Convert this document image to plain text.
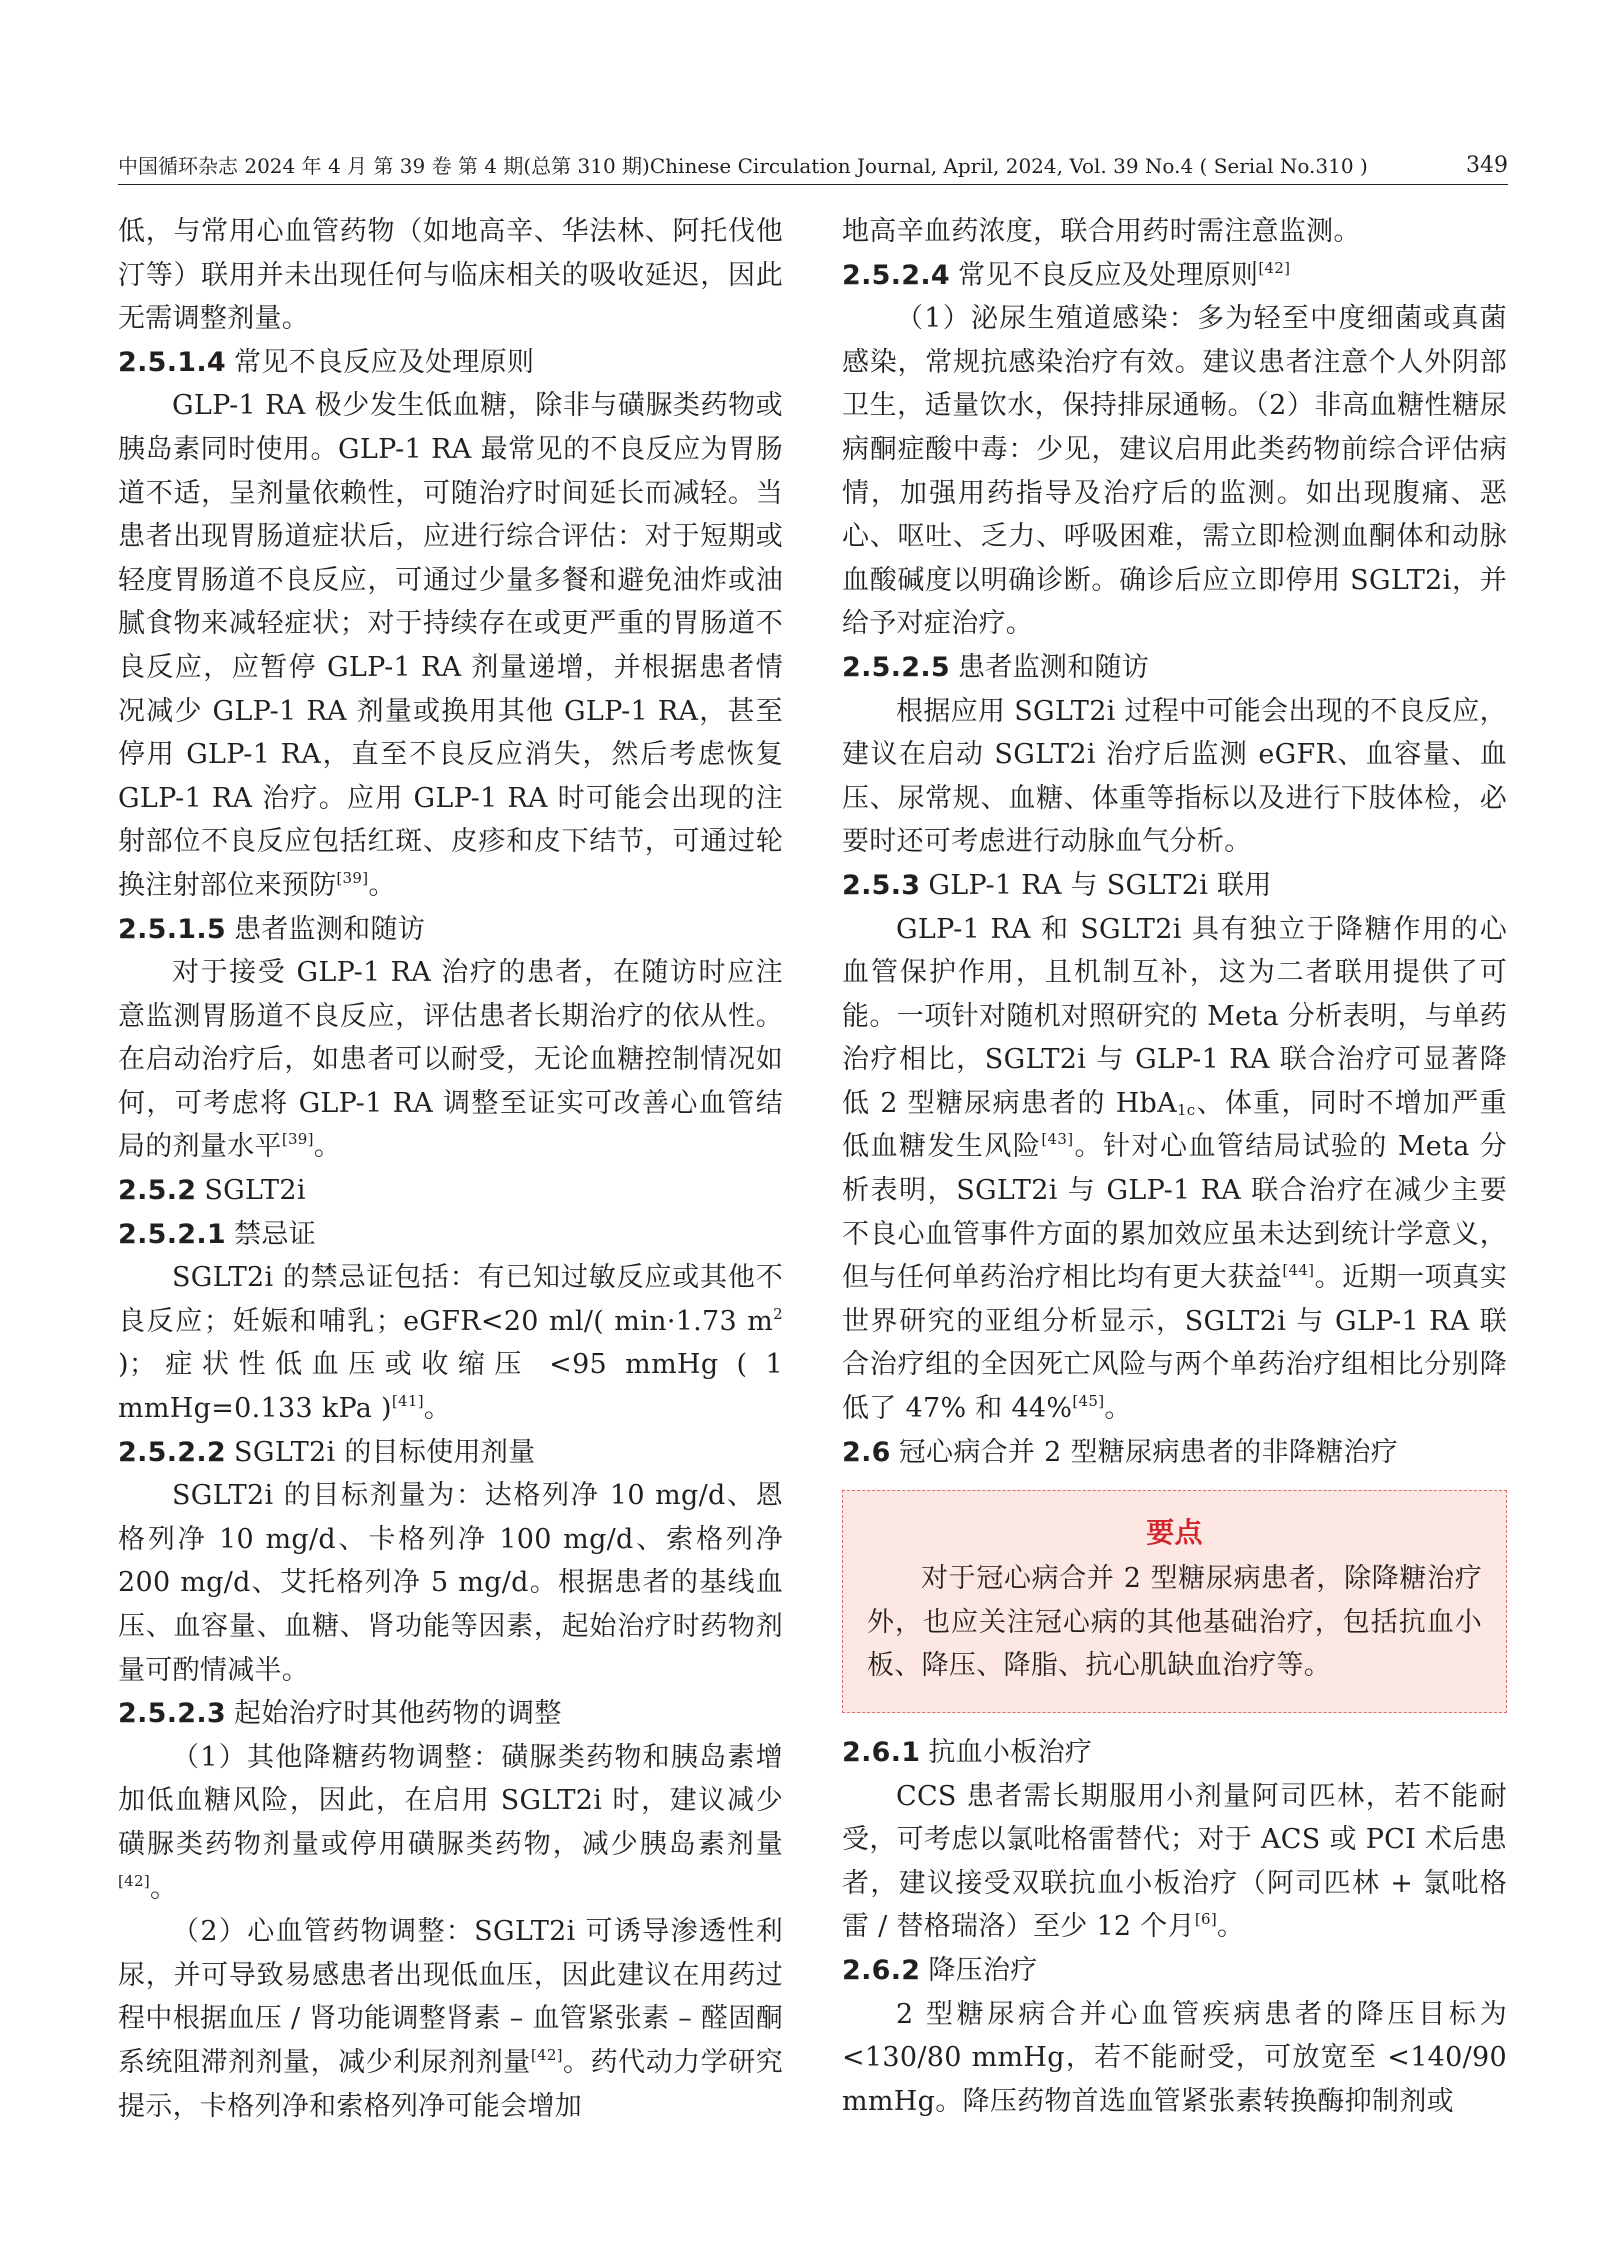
中国循环杂志 2024 年 4 月 第 39 卷 第 4 期(总第 310 期)Chinese Circulation Journal, April, 2024, Vol. 39 No.4 ( Serial No.310 )	349

低，与常用心血管药物（如地高辛、华法林、阿托伐他汀等）联用并未出现任何与临床相关的吸收延迟，因此无需调整剂量。

2.5.1.4 常见不良反应及处理原则

GLP-1 RA 极少发生低血糖，除非与磺脲类药物或胰岛素同时使用。GLP-1 RA 最常见的不良反应为胃肠道不适，呈剂量依赖性，可随治疗时间延长而减轻。当患者出现胃肠道症状后，应进行综合评估：对于短期或轻度胃肠道不良反应，可通过少量多餐和避免油炸或油腻食物来减轻症状；对于持续存在或更严重的胃肠道不良反应，应暂停 GLP-1 RA 剂量递增，并根据患者情况减少 GLP-1 RA 剂量或换用其他 GLP-1 RA，甚至停用 GLP-1 RA，直至不良反应消失，然后考虑恢复 GLP-1 RA 治疗。应用 GLP-1 RA 时可能会出现的注射部位不良反应包括红斑、皮疹和皮下结节，可通过轮换注射部位来预防[39]。

2.5.1.5 患者监测和随访

对于接受 GLP-1 RA 治疗的患者，在随访时应注意监测胃肠道不良反应，评估患者长期治疗的依从性。在启动治疗后，如患者可以耐受，无论血糖控制情况如何，可考虑将 GLP-1 RA 调整至证实可改善心血管结局的剂量水平[39]。

2.5.2 SGLT2i
2.5.2.1 禁忌证

SGLT2i 的禁忌证包括：有已知过敏反应或其他不良反应；妊娠和哺乳；eGFR<20 ml/( min·1.73 $m^2$ )；症状性低血压或收缩压 <95 mmHg ( 1 mmHg=0.133 kPa )[41]。

2.5.2.2 SGLT2i 的目标使用剂量

SGLT2i 的目标剂量为：达格列净 10 mg/d、恩格列净 10 mg/d、卡格列净 100 mg/d、索格列净 200 mg/d、艾托格列净 5 mg/d。根据患者的基线血压、血容量、血糖、肾功能等因素，起始治疗时药物剂量可酌情减半。

2.5.2.3 起始治疗时其他药物的调整

（1）其他降糖药物调整：磺脲类药物和胰岛素增加低血糖风险，因此，在启用 SGLT2i 时，建议减少磺脲类药物剂量或停用磺脲类药物，减少胰岛素剂量[42]。

（2）心血管药物调整：SGLT2i 可诱导渗透性利尿，并可导致易感患者出现低血压，因此建议在用药过程中根据血压 / 肾功能调整肾素 – 血管紧张素 – 醛固酮系统阻滞剂剂量，减少利尿剂剂量[42]。药代动力学研究提示，卡格列净和索格列净可能会增加

地高辛血药浓度，联合用药时需注意监测。

2.5.2.4 常见不良反应及处理原则[42]

（1）泌尿生殖道感染：多为轻至中度细菌或真菌感染，常规抗感染治疗有效。建议患者注意个人外阴部卫生，适量饮水，保持排尿通畅。（2）非高血糖性糖尿病酮症酸中毒：少见，建议启用此类药物前综合评估病情，加强用药指导及治疗后的监测。如出现腹痛、恶心、呕吐、乏力、呼吸困难，需立即检测血酮体和动脉血酸碱度以明确诊断。确诊后应立即停用 SGLT2i，并给予对症治疗。

2.5.2.5 患者监测和随访

根据应用 SGLT2i 过程中可能会出现的不良反应，建议在启动 SGLT2i 治疗后监测 eGFR、血容量、血压、尿常规、血糖、体重等指标以及进行下肢体检，必要时还可考虑进行动脉血气分析。

2.5.3 GLP-1 RA 与 SGLT2i 联用

GLP-1 RA 和 SGLT2i 具有独立于降糖作用的心血管保护作用，且机制互补，这为二者联用提供了可能。一项针对随机对照研究的 Meta 分析表明，与单药治疗相比，SGLT2i 与 GLP-1 RA 联合治疗可显著降低 2 型糖尿病患者的 HbA$_{1c}$、体重，同时不增加严重低血糖发生风险[43]。针对心血管结局试验的 Meta 分析表明，SGLT2i 与 GLP-1 RA 联合治疗在减少主要不良心血管事件方面的累加效应虽未达到统计学意义，但与任何单药治疗相比均有更大获益[44]。近期一项真实世界研究的亚组分析显示，SGLT2i 与 GLP-1 RA 联合治疗组的全因死亡风险与两个单药治疗组相比分别降低了 47% 和 44%[45]。

2.6 冠心病合并 2 型糖尿病患者的非降糖治疗
要点
对于冠心病合并 2 型糖尿病患者，除降糖治疗外，也应关注冠心病的其他基础治疗，包括抗血小板、降压、降脂、抗心肌缺血治疗等。
2.6.1 抗血小板治疗

CCS 患者需长期服用小剂量阿司匹林，若不能耐受，可考虑以氯吡格雷替代；对于 ACS 或 PCI 术后患者，建议接受双联抗血小板治疗（阿司匹林 + 氯吡格雷 / 替格瑞洛）至少 12 个月[6]。

2.6.2 降压治疗

2 型糖尿病合并心血管疾病患者的降压目标为 <130/80 mmHg，若不能耐受，可放宽至 <140/90 mmHg。降压药物首选血管紧张素转换酶抑制剂或
